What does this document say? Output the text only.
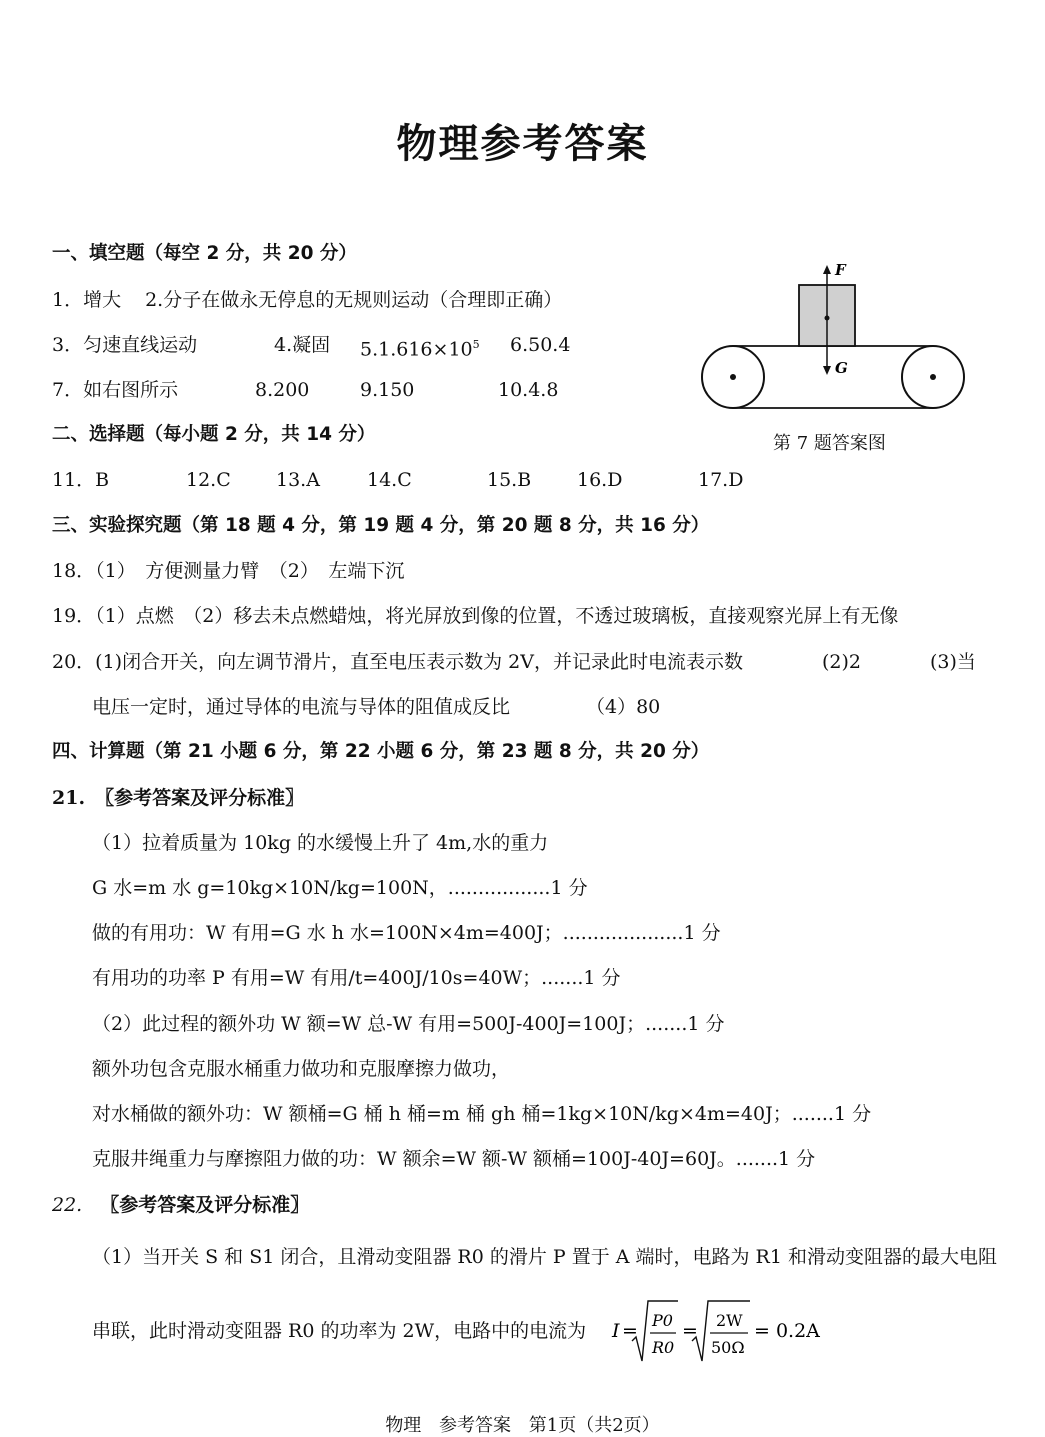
物理参考答案
一、填空题（每空 2 分，共 20 分）
1．增大 2.分子在做永无停息的无规则运动（合理即正确）
3．匀速直线运动	4.凝固 $5.1.616\times 10^5$ 6.50.4
7．如右图所示	8.200	9.150	10.4.8
F
G
第 7 题答案图
二、选择题（每小题 2 分，共 14 分）
11．B	12.C 13.A 14.C	15.B 16.D	17.D
三、实验探究题（第 18 题 4 分，第 19 题 4 分，第 20 题 8 分，共 16 分）
18．（1）　方便测量力臂　（2）　左端下沉
19．（1）点燃　（2）移去未点燃蜡烛，将光屏放到像的位置，不透过玻璃板，直接观察光屏上有无像
20．(1)闭合开关，向左调节滑片，直至电压表示数为 2V，并记录此时电流表示数	(2)2	(3)当
电压一定时，通过导体的电流与导体的阻值成反比	（4）80
四、计算题（第 21 小题 6 分，第 22 小题 6 分，第 23 题 8 分，共 20 分）
21. 〖参考答案及评分标准〗
（1）拉着质量为 10kg 的水缓慢上升了 4m,水的重力
G 水=m 水 g=10kg×10N/kg=100N，.................1 分
做的有用功：W 有用=G 水 h 水=100N×4m=400J；....................1 分
有用功的功率 P 有用=W 有用/t=400J/10s=40W；.......1 分
（2）此过程的额外功 W 额=W 总-W 有用=500J-400J=100J；.......1 分
额外功包含克服水桶重力做功和克服摩擦力做功，
对水桶做的额外功：W 额桶=G 桶 h 桶=m 桶 gh 桶=1kg×10N/kg×4m=40J；.......1 分
克服井绳重力与摩擦阻力做的功：W 额余=W 额-W 额桶=100J-40J=60J。.......1 分
22. 〖参考答案及评分标准〗
（1）当开关 S 和 S1 闭合，且滑动变阻器 R0 的滑片 P 置于 A 端时，电路为 R1 和滑动变阻器的最大电阻
串联，此时滑动变阻器 R0 的功率为 2W，电路中的电流为 I = P0
R0
= 2W
50Ω
= 0.2A
物理 参考答案 第1页（共2页）
